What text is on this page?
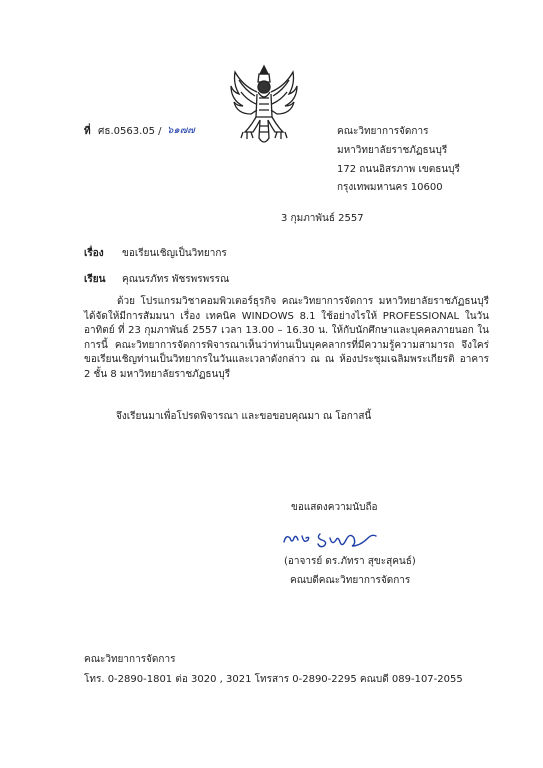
ที่ ศธ.0563.05 / ๖๑๗๗	คณะวิทยาการจัดการ
มหาวิทยาลัยราชภัฏธนบุรี
172 ถนนอิสรภาพ เขตธนบุรี
กรุงเทพมหานคร 10600
3 กุมภาพันธ์ 2557
เรื่อง ขอเรียนเชิญเป็นวิทยากร
เรียน คุณนรภัทร พัชรพรพรรณ
ด้วย โปรแกรมวิชาคอมพิวเตอร์ธุรกิจ คณะวิทยาการจัดการ มหาวิทยาลัยราชภัฏธนบุรี ได้จัดให้มีการสัมมนา เรื่อง เทคนิค WINDOWS 8.1 ใช้อย่างไรให้ PROFESSIONAL ในวันอาทิตย์ ที่ 23 กุมภาพันธ์ 2557 เวลา 13.00 – 16.30 น. ให้กับนักศึกษาและบุคคลภายนอก ในการนี้ คณะวิทยาการจัดการพิจารณาเห็นว่าท่านเป็นบุคคลากรที่มีความรู้ความสามารถ จึงใคร่ขอเรียนเชิญท่านเป็นวิทยากรในวันและเวลาดังกล่าว ณ ณ ห้องประชุมเฉลิมพระเกียรติ อาคาร 2 ชั้น 8 มหาวิทยาลัยราชภัฏธนบุรี
จึงเรียนมาเพื่อโปรดพิจารณา และขอขอบคุณมา ณ โอกาสนี้
ขอแสดงความนับถือ
(อาจารย์ ดร.ภัทรา สุขะสุคนธ์)
คณบดีคณะวิทยาการจัดการ
คณะวิทยาการจัดการ
โทร. 0-2890-1801 ต่อ 3020 , 3021 โทรสาร 0-2890-2295 คณบดี 089-107-2055
